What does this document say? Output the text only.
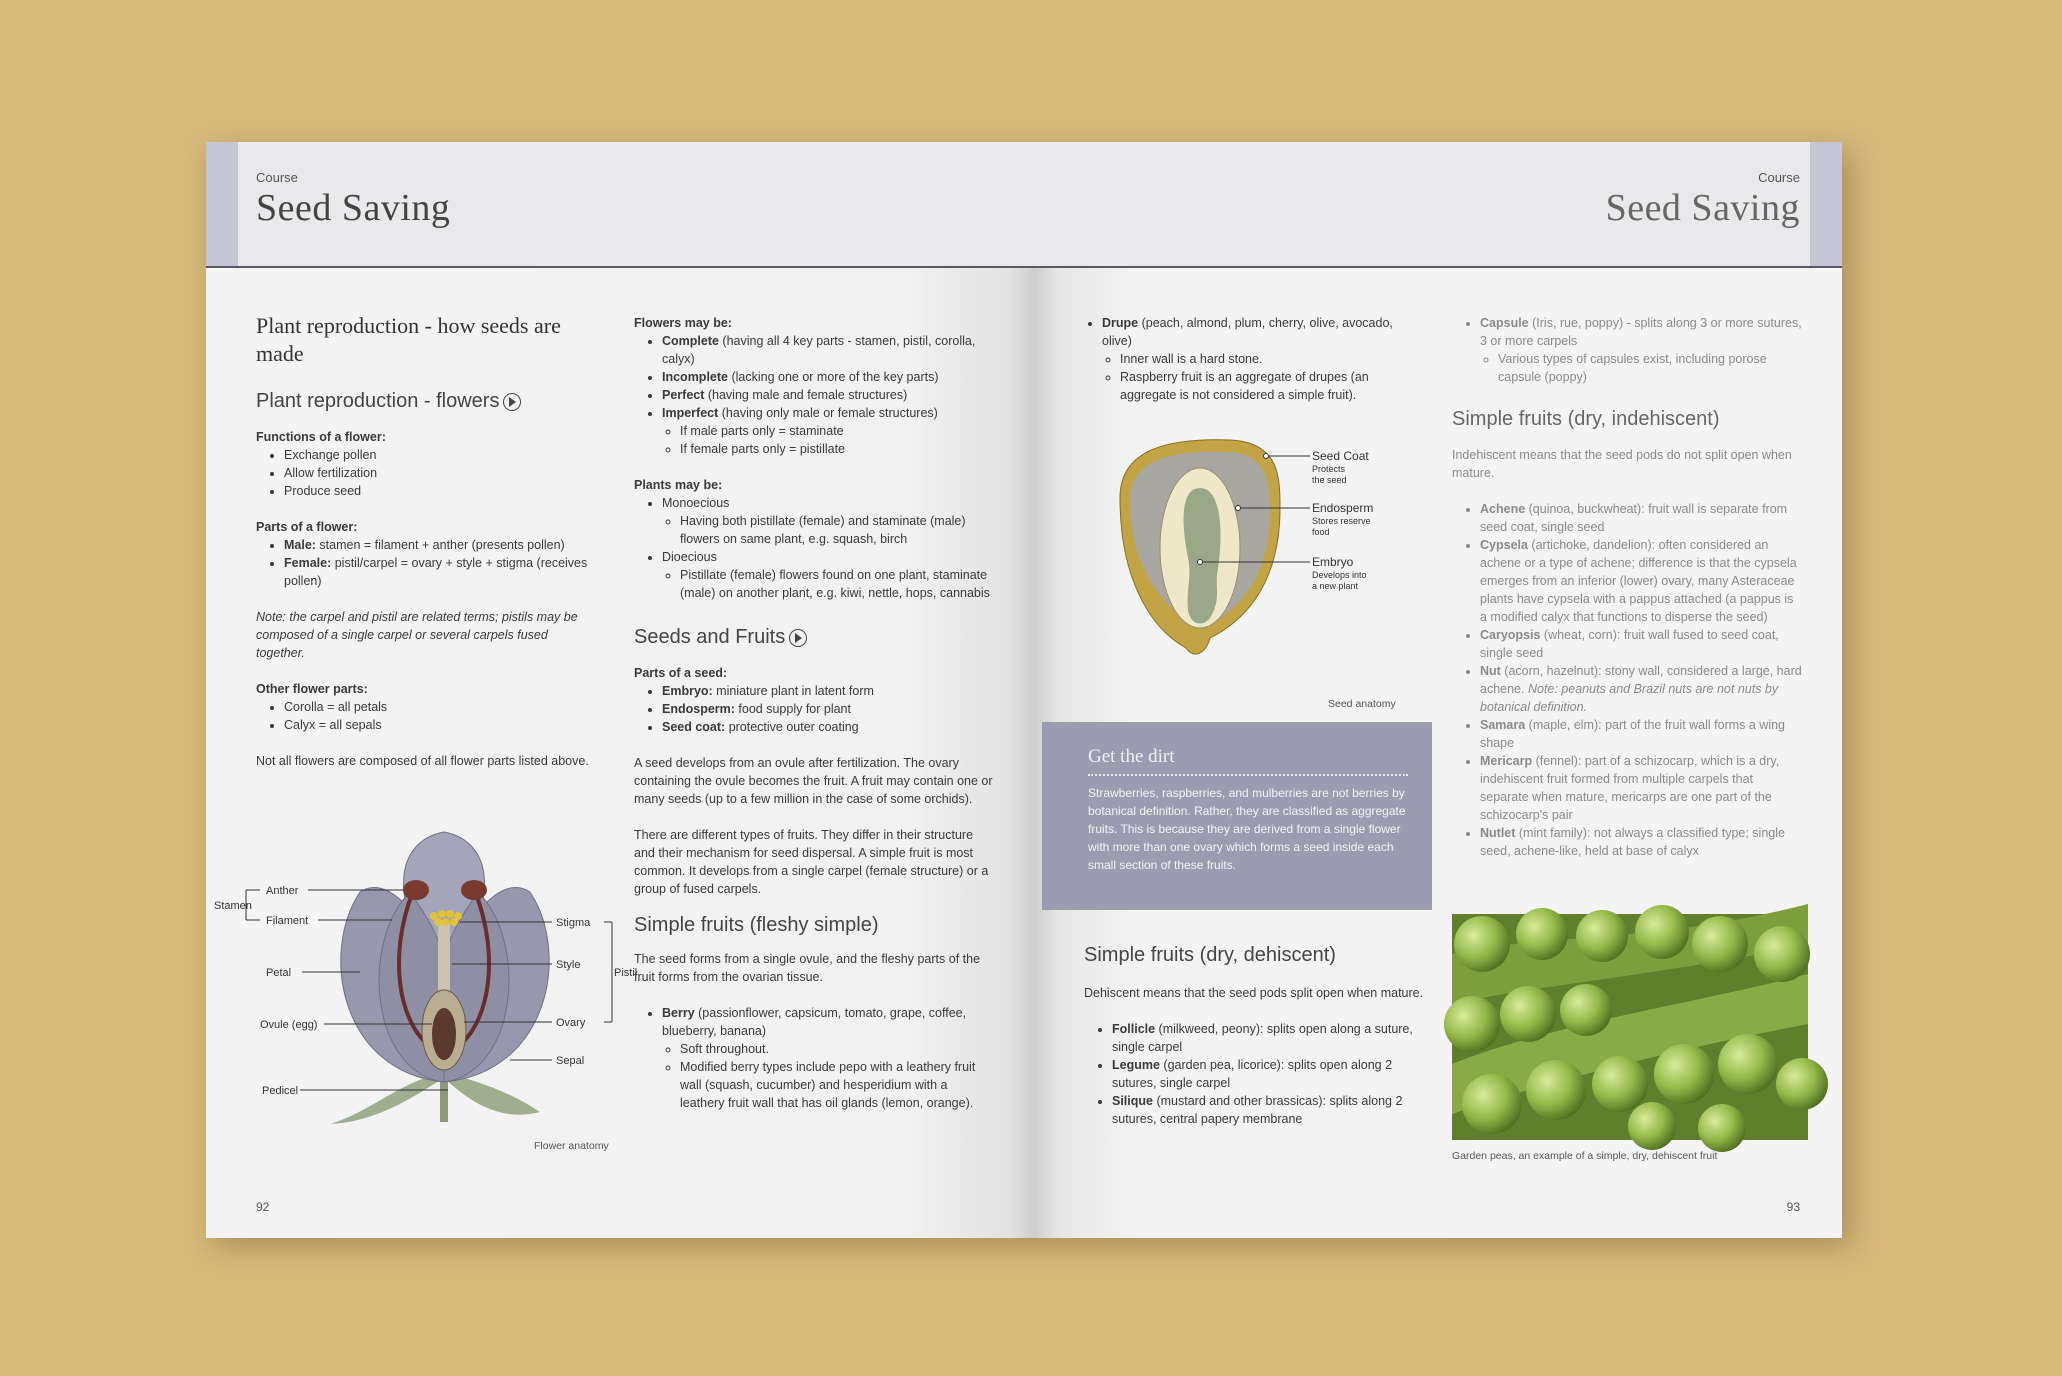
Course
Seed Saving

Plant reproduction - how seeds are made

Plant reproduction - flowers

Functions of a flower:

• Exchange pollen
• Allow fertilization
• Produce seed

Parts of a flower:

• Male: stamen = filament + anther (presents pollen)
• Female: pistil/carpel = ovary + style + stigma (receives pollen)

Note: the carpel and pistil are related terms; pistils may be composed of a single carpel or several carpels fused together.

Other flower parts:

• Corolla = all petals
• Calyx = all sepals

Not all flowers are composed of all flower parts listed above.

Stamen
Anther
Filament
Petal
Ovule (egg)
Pedicel
Stigma
Style
Ovary
Sepal
Pistil
Flower anatomy

Flowers may be:

• Complete (having all 4 key parts - stamen, pistil, corolla, calyx)
• Incomplete (lacking one or more of the key parts)
• Perfect (having male and female structures)
• Imperfect (having only male or female structures)
◦ If male parts only = staminate
◦ If female parts only = pistillate

Plants may be:

• Monoecious
◦ Having both pistillate (female) and staminate (male) flowers on same plant, e.g. squash, birch
• Dioecious
◦ Pistillate (female) flowers found on one plant, staminate (male) on another plant, e.g. kiwi, nettle, hops, cannabis

Seeds and Fruits

Parts of a seed:

• Embryo: miniature plant in latent form
• Endosperm: food supply for plant
• Seed coat: protective outer coating

A seed develops from an ovule after fertilization. The ovary containing the ovule becomes the fruit. A fruit may contain one or many seeds (up to a few million in the case of some orchids).

There are different types of fruits. They differ in their structure and their mechanism for seed dispersal. A simple fruit is most common. It develops from a single carpel (female structure) or a group of fused carpels.

Simple fruits (fleshy simple)

The seed forms from a single ovule, and the fleshy parts of the fruit forms from the ovarian tissue.

• Berry (passionflower, capsicum, tomato, grape, coffee, blueberry, banana)
◦ Soft throughout.
◦ Modified berry types include pepo with a leathery fruit wall (squash, cucumber) and hesperidium with a leathery fruit wall that has oil glands (lemon, orange).
92
Course
Seed Saving
• Drupe (peach, almond, plum, cherry, olive, avocado, olive)
◦ Inner wall is a hard stone.
◦ Raspberry fruit is an aggregate of drupes (an aggregate is not considered a simple fruit).
Seed Coat
Protects
the seed
Endosperm
Stores reserve
food
Embryo
Develops into
a new plant
Seed anatomy
Get the dirt
Strawberries, raspberries, and mulberries are not berries by botanical definition. Rather, they are classified as aggregate fruits. This is because they are derived from a single flower with more than one ovary which forms a seed inside each small section of these fruits.

Simple fruits (dry, dehiscent)

Dehiscent means that the seed pods split open when mature.

• Follicle (milkweed, peony): splits open along a suture, single carpel
• Legume (garden pea, licorice): splits open along 2 sutures, single carpel
• Silique (mustard and other brassicas): splits along 2 sutures, central papery membrane
• Capsule (Iris, rue, poppy) - splits along 3 or more sutures, 3 or more carpels
◦ Various types of capsules exist, including porose capsule (poppy)

Simple fruits (dry, indehiscent)

Indehiscent means that the seed pods do not split open when mature.

• Achene (quinoa, buckwheat): fruit wall is separate from seed coat, single seed
• Cypsela (artichoke, dandelion): often considered an achene or a type of achene; difference is that the cypsela emerges from an inferior (lower) ovary, many Asteraceae plants have cypsela with a pappus attached (a pappus is a modified calyx that functions to disperse the seed)
• Caryopsis (wheat, corn): fruit wall fused to seed coat, single seed
• Nut (acorn, hazelnut): stony wall, considered a large, hard achene. Note: peanuts and Brazil nuts are not nuts by botanical definition.
• Samara (maple, elm): part of the fruit wall forms a wing shape
• Mericarp (fennel): part of a schizocarp, which is a dry, indehiscent fruit formed from multiple carpels that separate when mature, mericarps are one part of the schizocarp's pair
• Nutlet (mint family): not always a classified type; single seed, achene-like, held at base of calyx
Garden peas, an example of a simple, dry, dehiscent fruit
93
